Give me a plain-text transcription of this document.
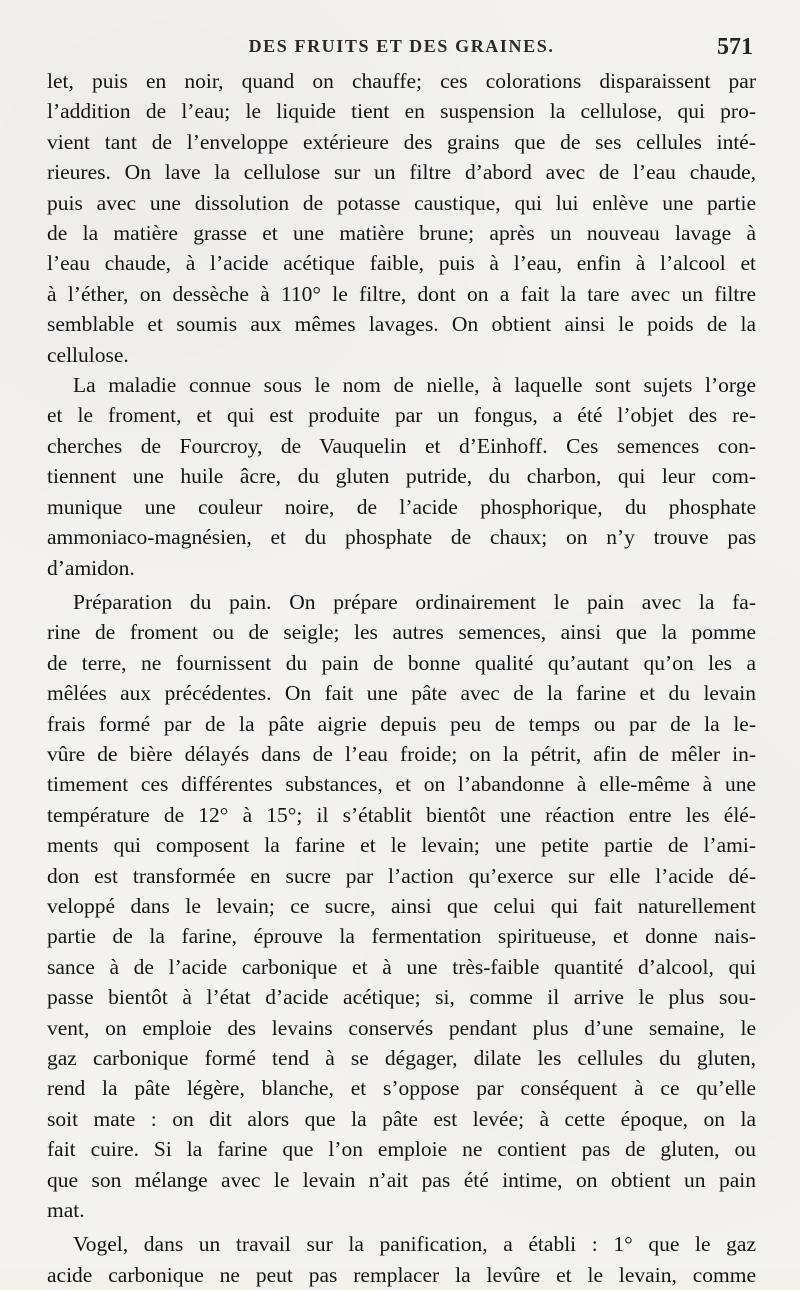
DES FRUITS ET DES GRAINES.	571
let, puis en noir, quand on chauffe; ces colorations disparaissent par
l’addition de l’eau; le liquide tient en suspension la cellulose, qui pro-
vient tant de l’enveloppe extérieure des grains que de ses cellules inté-
rieures. On lave la cellulose sur un filtre d’abord avec de l’eau chaude,
puis avec une dissolution de potasse caustique, qui lui enlève une partie
de la matière grasse et une matière brune; après un nouveau lavage à
l’eau chaude, à l’acide acétique faible, puis à l’eau, enfin à l’alcool et
à l’éther, on dessèche à 110° le filtre, dont on a fait la tare avec un filtre
semblable et soumis aux mêmes lavages. On obtient ainsi le poids de la
cellulose.
La maladie connue sous le nom de nielle, à laquelle sont sujets l’orge
et le froment, et qui est produite par un fongus, a été l’objet des re-
cherches de Fourcroy, de Vauquelin et d’Einhoff. Ces semences con-
tiennent une huile âcre, du gluten putride, du charbon, qui leur com-
munique une couleur noire, de l’acide phosphorique, du phosphate
ammoniaco-magnésien, et du phosphate de chaux; on n’y trouve pas
d’amidon.
Préparation du pain. On prépare ordinairement le pain avec la fa-
rine de froment ou de seigle; les autres semences, ainsi que la pomme
de terre, ne fournissent du pain de bonne qualité qu’autant qu’on les a
mêlées aux précédentes. On fait une pâte avec de la farine et du levain
frais formé par de la pâte aigrie depuis peu de temps ou par de la le-
vûre de bière délayés dans de l’eau froide; on la pétrit, afin de mêler in-
timement ces différentes substances, et on l’abandonne à elle-même à une
température de 12° à 15°; il s’établit bientôt une réaction entre les élé-
ments qui composent la farine et le levain; une petite partie de l’ami-
don est transformée en sucre par l’action qu’exerce sur elle l’acide dé-
veloppé dans le levain; ce sucre, ainsi que celui qui fait naturellement
partie de la farine, éprouve la fermentation spiritueuse, et donne nais-
sance à de l’acide carbonique et à une très-faible quantité d’alcool, qui
passe bientôt à l’état d’acide acétique; si, comme il arrive le plus sou-
vent, on emploie des levains conservés pendant plus d’une semaine, le
gaz carbonique formé tend à se dégager, dilate les cellules du gluten,
rend la pâte légère, blanche, et s’oppose par conséquent à ce qu’elle
soit mate : on dit alors que la pâte est levée; à cette époque, on la
fait cuire. Si la farine que l’on emploie ne contient pas de gluten, ou
que son mélange avec le levain n’ait pas été intime, on obtient un pain
mat.
Vogel, dans un travail sur la panification, a établi : 1° que le gaz
acide carbonique ne peut pas remplacer la levûre et le levain, comme
